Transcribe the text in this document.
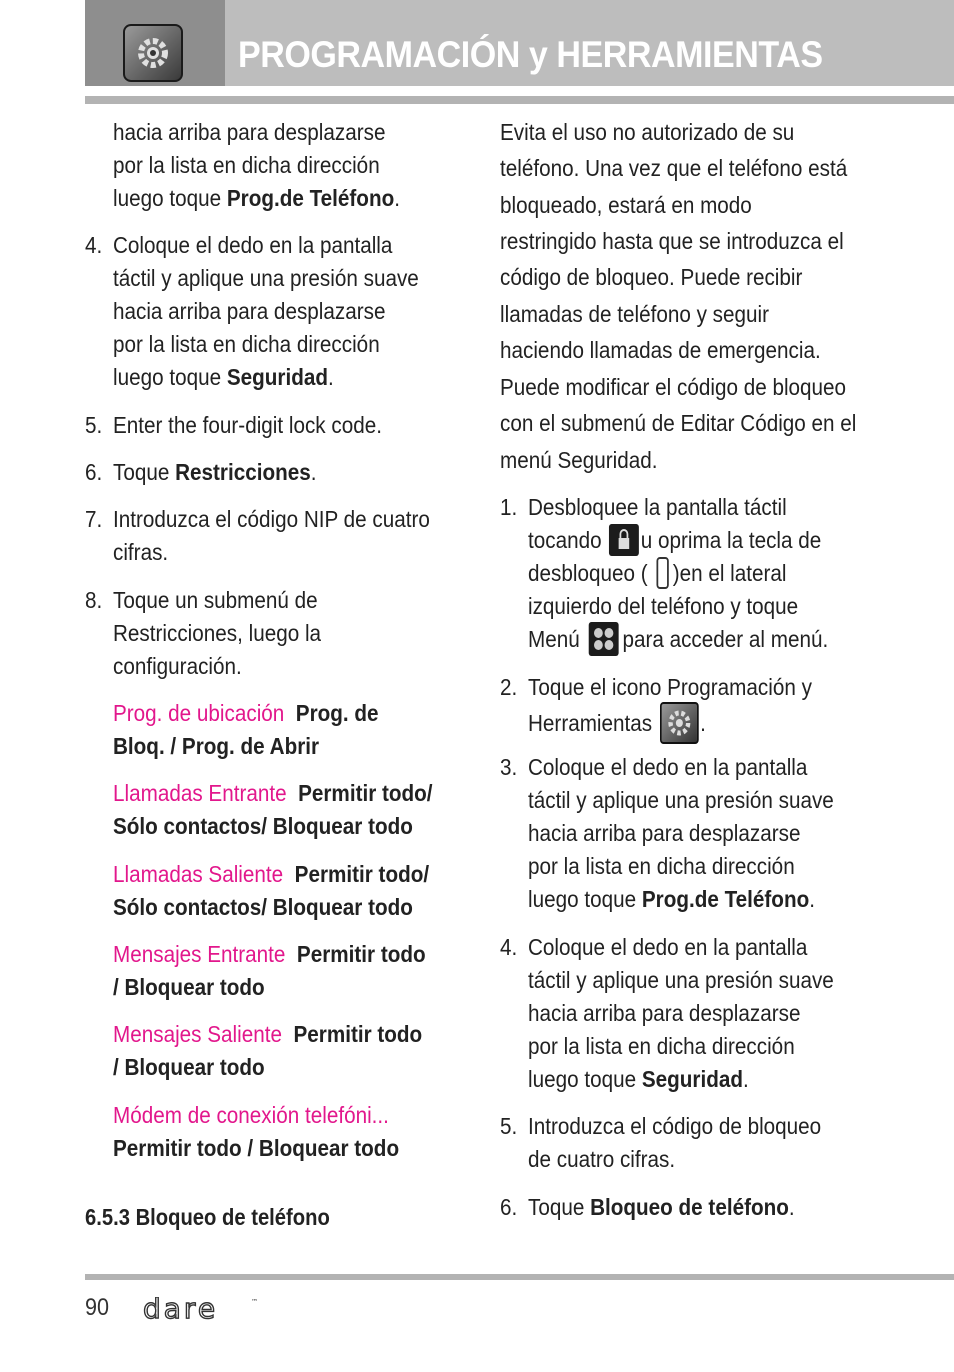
PROGRAMACIÓN y HERRAMIENTAS
hacia arriba para desplazarse
por la lista en dicha dirección
luego toque Prog.de Teléfono.
4. Coloque el dedo en la pantalla
táctil y aplique una presión suave
hacia arriba para desplazarse
por la lista en dicha dirección
luego toque Seguridad.
5. Enter the four-digit lock code.
6. Toque Restricciones.
7. Introduzca el código NIP de cuatro
cifras.
8. Toque un submenú de
Restricciones, luego la
configuración.
Prog. de ubicación Prog. de
Bloq. / Prog. de Abrir
Llamadas Entrante Permitir todo/
Sólo contactos/ Bloquear todo
Llamadas Saliente Permitir todo/
Sólo contactos/ Bloquear todo
Mensajes Entrante Permitir todo
/ Bloquear todo
Mensajes Saliente Permitir todo
/ Bloquear todo
Módem de conexión telefóni...
Permitir todo / Bloquear todo
6.5.3 Bloqueo de teléfono
Evita el uso no autorizado de su
teléfono. Una vez que el teléfono está
bloqueado, estará en modo
restringido hasta que se introduzca el
código de bloqueo. Puede recibir
llamadas de teléfono y seguir
haciendo llamadas de emergencia.
Puede modificar el código de bloqueo
con el submenú de Editar Código en el
menú Seguridad.
1. Desbloquee la pantalla táctil
tocando u oprima la tecla de
desbloqueo ( )en el lateral
izquierdo del teléfono y toque
Menú para acceder al menú.
2. Toque el icono Programación y
Herramientas .
3. Coloque el dedo en la pantalla
táctil y aplique una presión suave
hacia arriba para desplazarse
por la lista en dicha dirección
luego toque Prog.de Teléfono.
4. Coloque el dedo en la pantalla
táctil y aplique una presión suave
hacia arriba para desplazarse
por la lista en dicha dirección
luego toque Seguridad.
5. Introduzca el código de bloqueo
de cuatro cifras.
6. Toque Bloqueo de teléfono.
90 dare	™
